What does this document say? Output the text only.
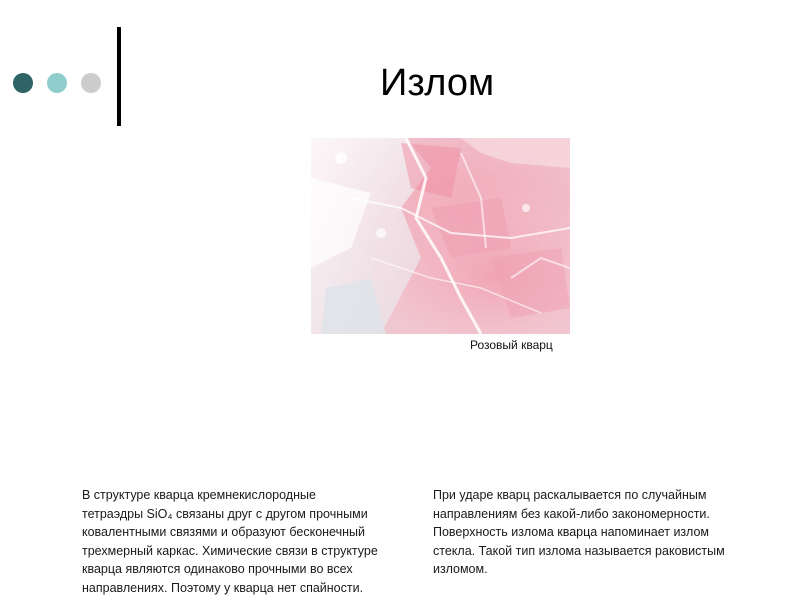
Излом
Розовый кварц
В структуре кварца кремнекислородные
тетраэдры SiO₄ связаны друг с другом прочными
ковалентными связями и образуют бесконечный
трехмерный каркас. Химические связи в структуре
кварца являются одинаково прочными во всех
направлениях. Поэтому у кварца нет спайности.
При ударе кварц раскалывается по случайным
направлениям без какой-либо закономерности.
Поверхность излома кварца напоминает излом
стекла. Такой тип излома называется раковистым
изломом.
